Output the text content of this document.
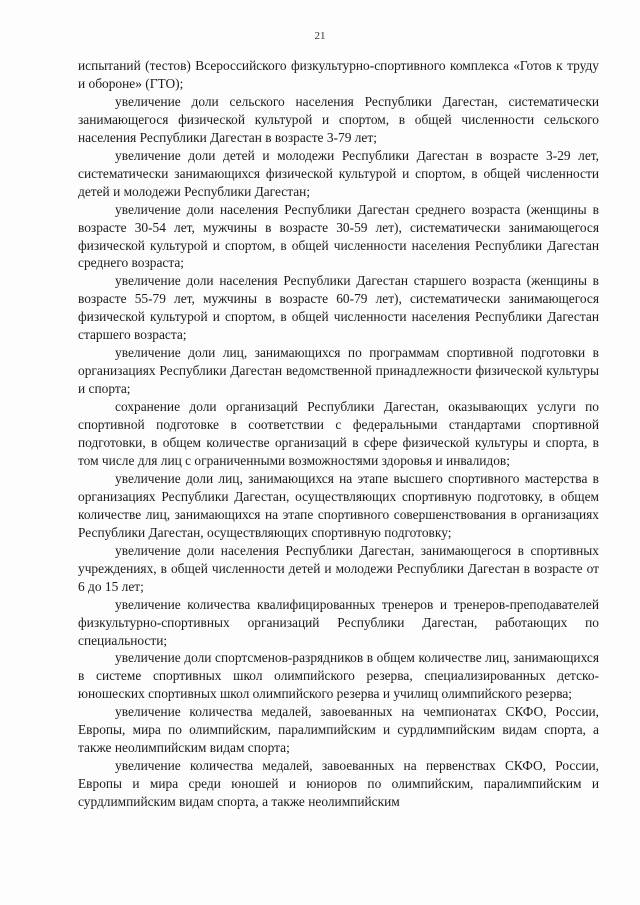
21

испытаний (тестов) Всероссийского физкультурно-спортивного комплекса «Готов к труду и обороне» (ГТО);

увеличение доли сельского населения Республики Дагестан, систематически занимающегося физической культурой и спортом, в общей численности сельского населения Республики Дагестан в возрасте 3-79 лет;

увеличение доли детей и молодежи Республики Дагестан в возрасте 3-29 лет, систематически занимающихся физической культурой и спортом, в общей численности детей и молодежи Республики Дагестан;

увеличение доли населения Республики Дагестан среднего возраста (женщины в возрасте 30-54 лет, мужчины в возрасте 30-59 лет), систематически занимающегося физической культурой и спортом, в общей численности населения Республики Дагестан среднего возраста;

увеличение доли населения Республики Дагестан старшего возраста (женщины в возрасте 55-79 лет, мужчины в возрасте 60-79 лет), систематически занимающегося физической культурой и спортом, в общей численности населения Республики Дагестан старшего возраста;

увеличение доли лиц, занимающихся по программам спортивной подготовки в организациях Республики Дагестан ведомственной принадлежности физической культуры и спорта;

сохранение доли организаций Республики Дагестан, оказывающих услуги по спортивной подготовке в соответствии с федеральными стандартами спортивной подготовки, в общем количестве организаций в сфере физической культуры и спорта, в том числе для лиц с ограниченными возможностями здоровья и инвалидов;

увеличение доли лиц, занимающихся на этапе высшего спортивного мастерства в организациях Республики Дагестан, осуществляющих спортивную подготовку, в общем количестве лиц, занимающихся на этапе спортивного совершенствования в организациях Республики Дагестан, осуществляющих спортивную подготовку;

увеличение доли населения Республики Дагестан, занимающегося в спортивных учреждениях, в общей численности детей и молодежи Республики Дагестан в возрасте от 6 до 15 лет;

увеличение количества квалифицированных тренеров и тренеров-преподавателей физкультурно-спортивных организаций Республики Дагестан, работающих по специальности;

увеличение доли спортсменов-разрядников в общем количестве лиц, занимающихся в системе спортивных школ олимпийского резерва, специализированных детско-юношеских спортивных школ олимпийского резерва и училищ олимпийского резерва;

увеличение количества медалей, завоеванных на чемпионатах СКФО, России, Европы, мира по олимпийским, паралимпийским и сурдлимпийским видам спорта, а также неолимпийским видам спорта;

увеличение количества медалей, завоеванных на первенствах СКФО, России, Европы и мира среди юношей и юниоров по олимпийским, паралимпийским и сурдлимпийским видам спорта, а также неолимпийским
